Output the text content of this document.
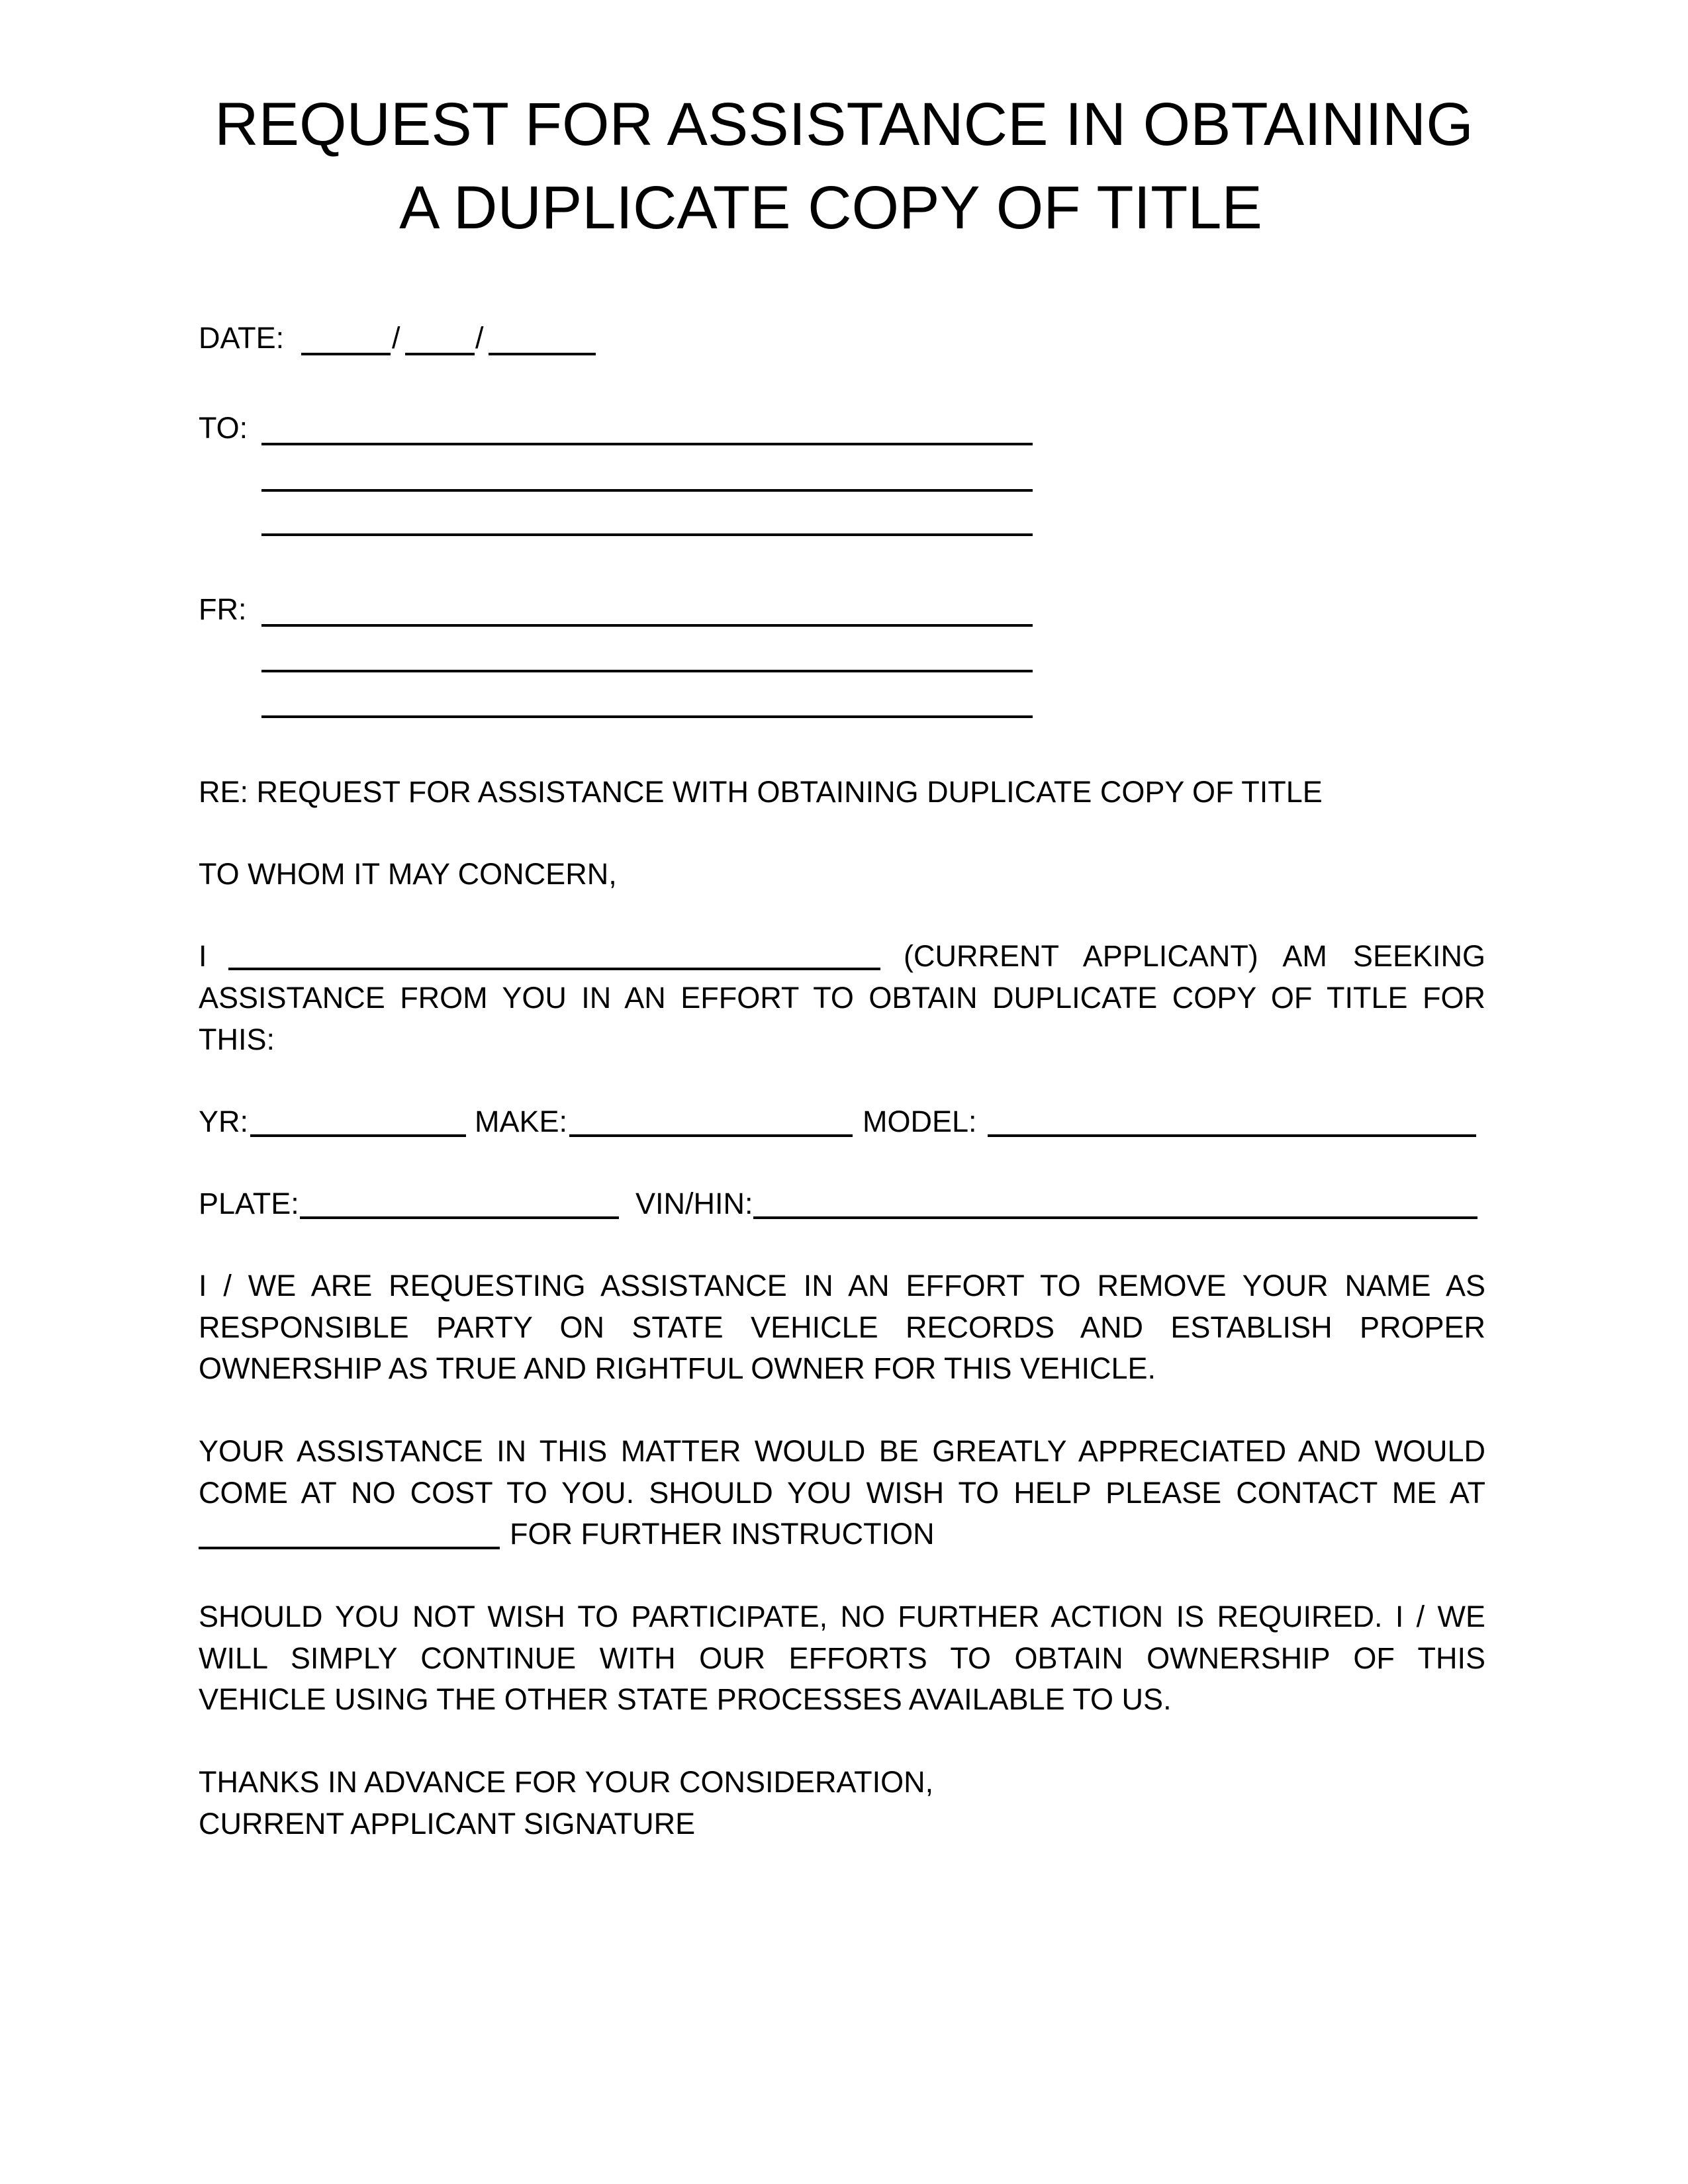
REQUEST FOR ASSISTANCE IN OBTAINING
A DUPLICATE COPY OF TITLE
DATE:	/	/
TO:
FR:
RE: REQUEST FOR ASSISTANCE WITH OBTAINING DUPLICATE COPY OF TITLE
TO WHOM IT MAY CONCERN,
I	(CURRENT APPLICANT) AM SEEKING
ASSISTANCE FROM YOU IN AN EFFORT TO OBTAIN DUPLICATE COPY OF TITLE FOR
THIS:
YR:	MAKE:	MODEL:
PLATE:	VIN/HIN:
I / WE ARE REQUESTING ASSISTANCE IN AN EFFORT TO REMOVE YOUR NAME AS
RESPONSIBLE PARTY ON STATE VEHICLE RECORDS AND ESTABLISH PROPER
OWNERSHIP AS TRUE AND RIGHTFUL OWNER FOR THIS VEHICLE.
YOUR ASSISTANCE IN THIS MATTER WOULD BE GREATLY APPRECIATED AND WOULD
COME AT NO COST TO YOU. SHOULD YOU WISH TO HELP PLEASE CONTACT ME AT
FOR FURTHER INSTRUCTION
SHOULD YOU NOT WISH TO PARTICIPATE, NO FURTHER ACTION IS REQUIRED. I / WE
WILL SIMPLY CONTINUE WITH OUR EFFORTS TO OBTAIN OWNERSHIP OF THIS
VEHICLE USING THE OTHER STATE PROCESSES AVAILABLE TO US.
THANKS IN ADVANCE FOR YOUR CONSIDERATION,
CURRENT APPLICANT SIGNATURE
